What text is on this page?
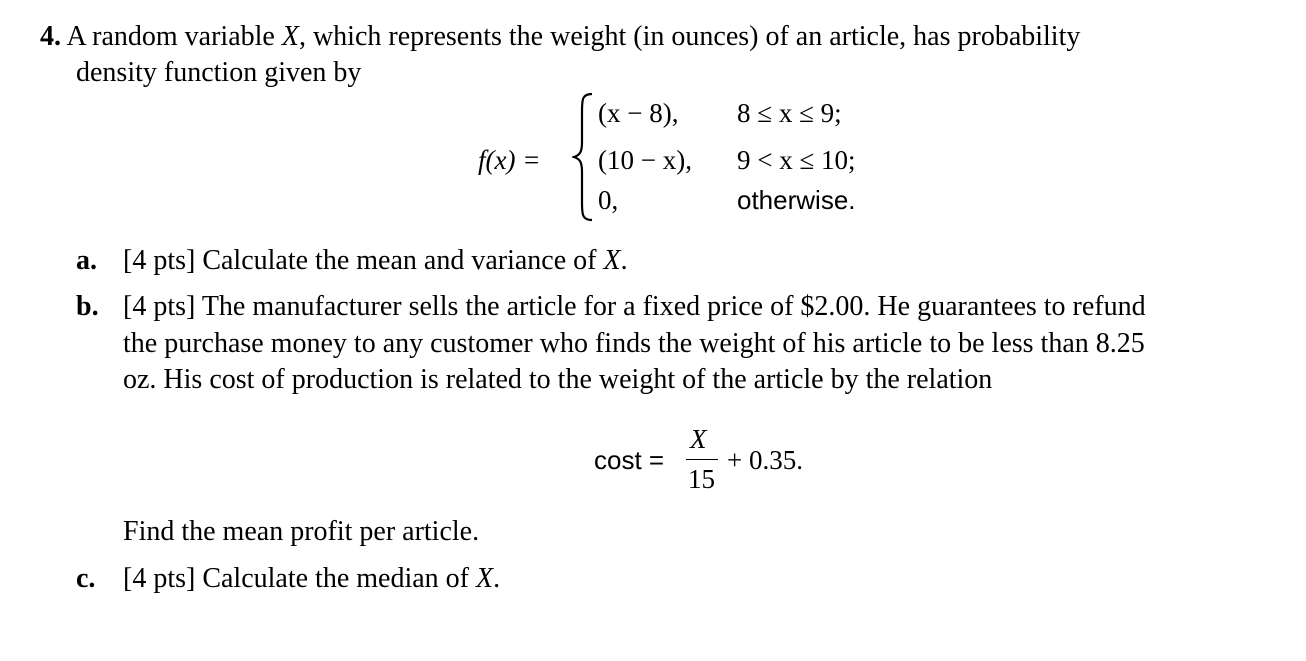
4. A random variable X, which represents the weight (in ounces) of an article, has probability
density function given by
f(x) =
(x − 8), 8 ≤ x ≤ 9;
(10 − x), 9 < x ≤ 10;
0,	otherwise.
a. [4 pts] Calculate the mean and variance of X.
b. [4 pts] The manufacturer sells the article for a fixed price of $2.00. He guarantees to refund
the purchase money to any customer who finds the weight of his article to be less than 8.25
oz. His cost of production is related to the weight of the article by the relation
cost =
X
15
+ 0.35.
Find the mean profit per article.
c. [4 pts] Calculate the median of X.
